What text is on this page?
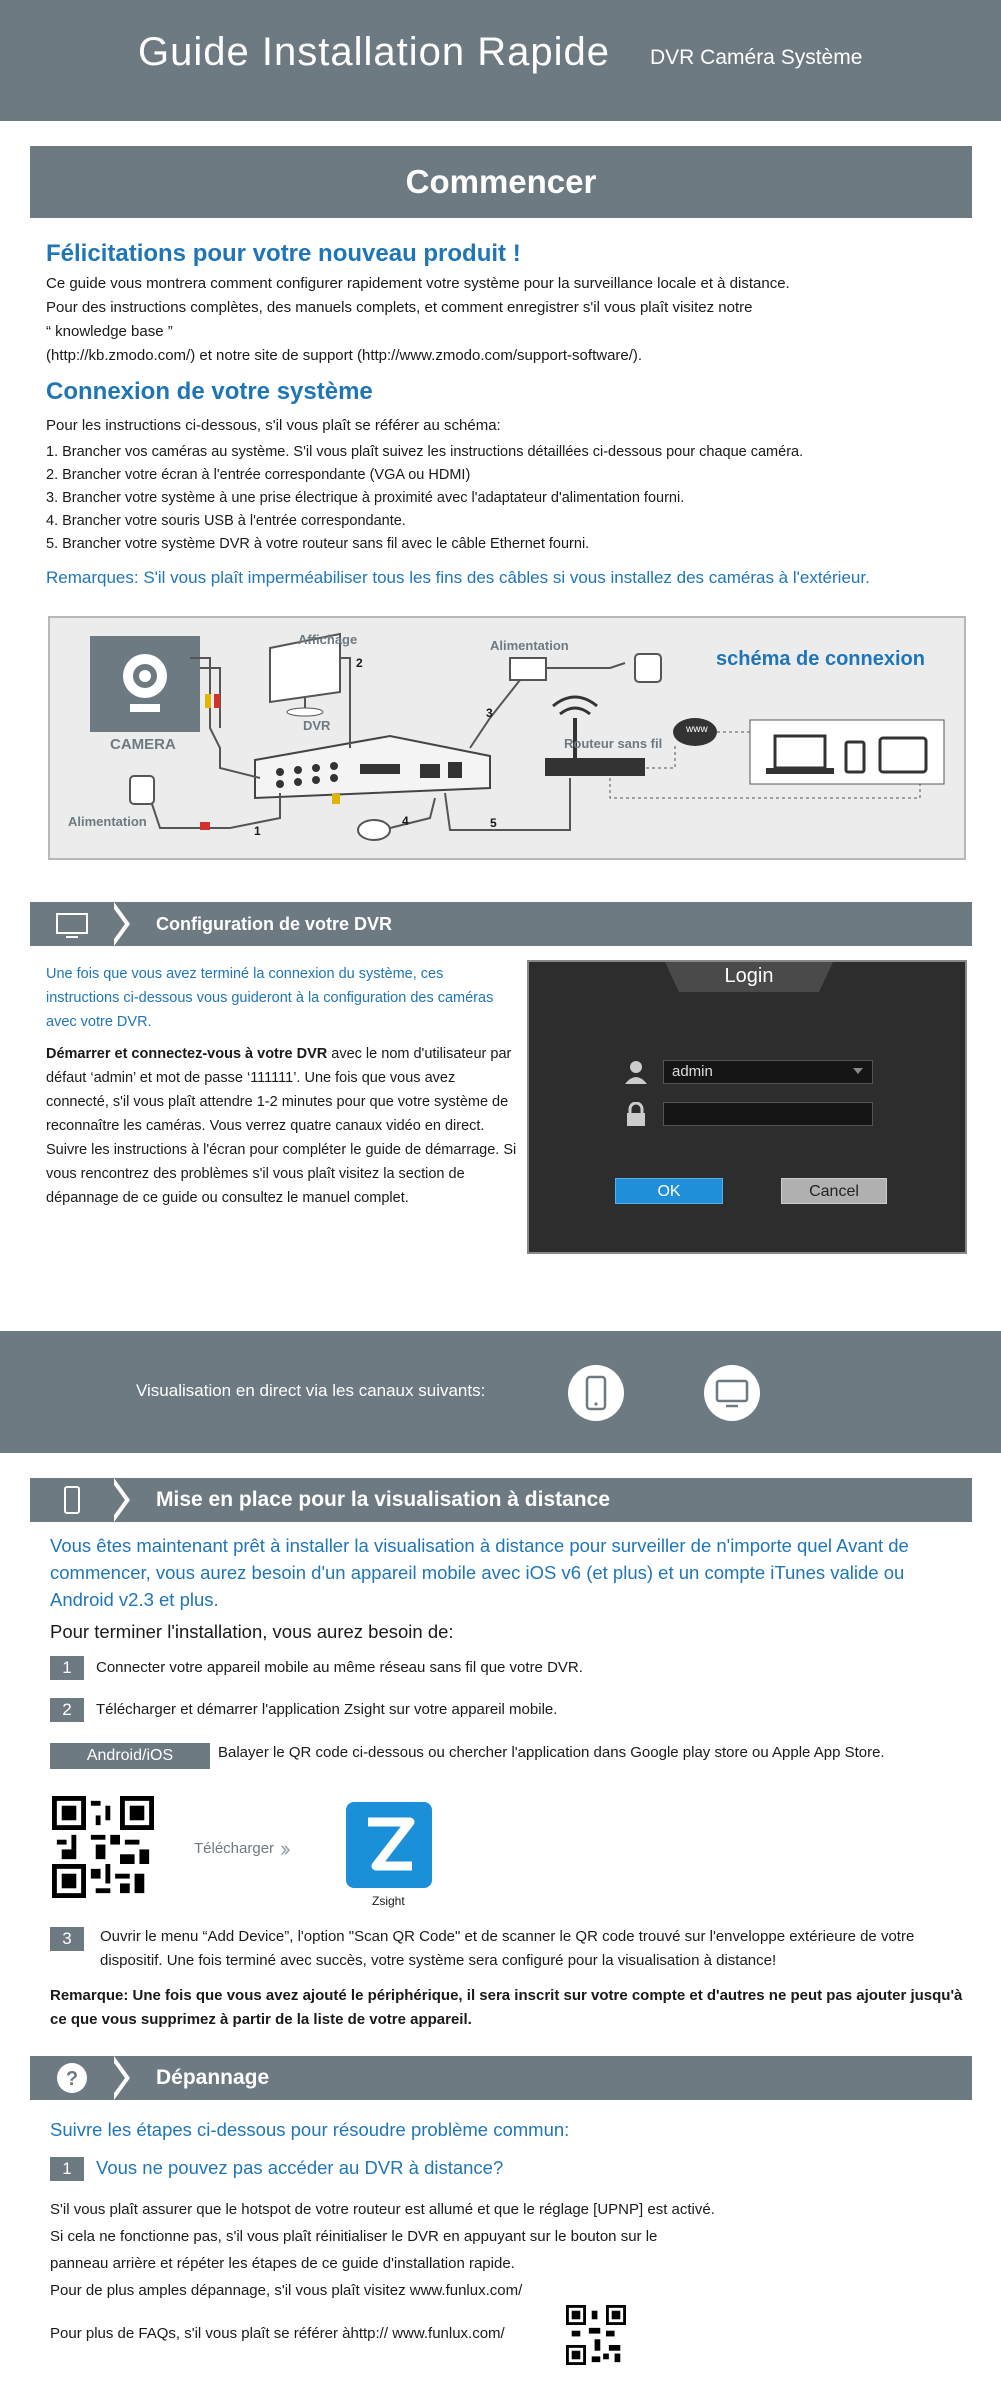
Guide Installation Rapide DVR Caméra Système
Commencer
Félicitations pour votre nouveau produit !
Ce guide vous montrera comment configurer rapidement votre système pour la surveillance locale et à distance.
Pour des instructions complètes, des manuels complets, et comment enregistrer s'il vous plaît visitez notre
“ knowledge base ”
(http://kb.zmodo.com/) et notre site de support (http://www.zmodo.com/support-software/).
Connexion de votre système
Pour les instructions ci-dessous, s'il vous plaît se référer au schéma:
1. Brancher vos caméras au système. S'il vous plaît suivez les instructions détaillées ci-dessous pour chaque caméra.
2. Brancher votre écran à l'entrée correspondante (VGA ou HDMI)
3. Brancher votre système à une prise électrique à proximité avec l'adaptateur d'alimentation fourni.
4. Brancher votre souris USB à l'entrée correspondante.
5. Brancher votre système DVR à votre routeur sans fil avec le câble Ethernet fourni.
Remarques: S'il vous plaît imperméabiliser tous les fins des câbles si vous installez des caméras à l'extérieur.
CAMERA
Affichage
DVR
Alimentation
Alimentation
Routeur sans fil
www
schéma de connexion
1
2
3
4	5
Configuration de votre DVR
Une fois que vous avez terminé la connexion du système, ces instructions ci-dessous vous guideront à la configuration des caméras avec votre DVR.
Démarrer et connectez-vous à votre DVR avec le nom d'utilisateur par défaut ‘admin’ et mot de passe ‘111111’. Une fois que vous avez connecté, s'il vous plaît attendre 1-2 minutes pour que votre système de reconnaître les caméras. Vous verrez quatre canaux vidéo en direct. Suivre les instructions à l'écran pour compléter le guide de démarrage. Si vous rencontrez des problèmes s'il vous plaît visitez la section de dépannage de ce guide ou consultez le manuel complet.
Login
admin
OK	Cancel
Visualisation en direct via les canaux suivants:
Mise en place pour la visualisation à distance
Vous êtes maintenant prêt à installer la visualisation à distance pour surveiller de n'importe quel Avant de commencer, vous aurez besoin d'un appareil mobile avec iOS v6 (et plus) et un compte iTunes valide ou Android v2.3 et plus.
Pour terminer l'installation, vous aurez besoin de:
1 Connecter votre appareil mobile au même réseau sans fil que votre DVR.
2 Télécharger et démarrer l'application Zsight sur votre appareil mobile.
Android/iOS	Balayer le QR code ci-dessous ou chercher l'application dans Google play store ou Apple App Store.
Télécharger ››
Zsight
3	Ouvrir le menu “Add Device”, l'option "Scan QR Code" et de scanner le QR code trouvé sur l'enveloppe extérieure de votre dispositif. Une fois terminé avec succès, votre système sera configuré pour la visualisation à distance!
Remarque: Une fois que vous avez ajouté le périphérique, il sera inscrit sur votre compte et d'autres ne peut pas ajouter jusqu'à ce que vous supprimez à partir de la liste de votre appareil.
?	Dépannage
Suivre les étapes ci-dessous pour résoudre problème commun:
1 Vous ne pouvez pas accéder au DVR à distance?
S'il vous plaît assurer que le hotspot de votre routeur est allumé et que le réglage [UPNP] est activé.
Si cela ne fonctionne pas, s'il vous plaît réinitialiser le DVR en appuyant sur le bouton sur le
panneau arrière et répéter les étapes de ce guide d'installation rapide.
Pour de plus amples dépannage, s'il vous plaît visitez www.funlux.com/
Pour plus de FAQs, s'il vous plaît se référer àhttp:// www.funlux.com/
